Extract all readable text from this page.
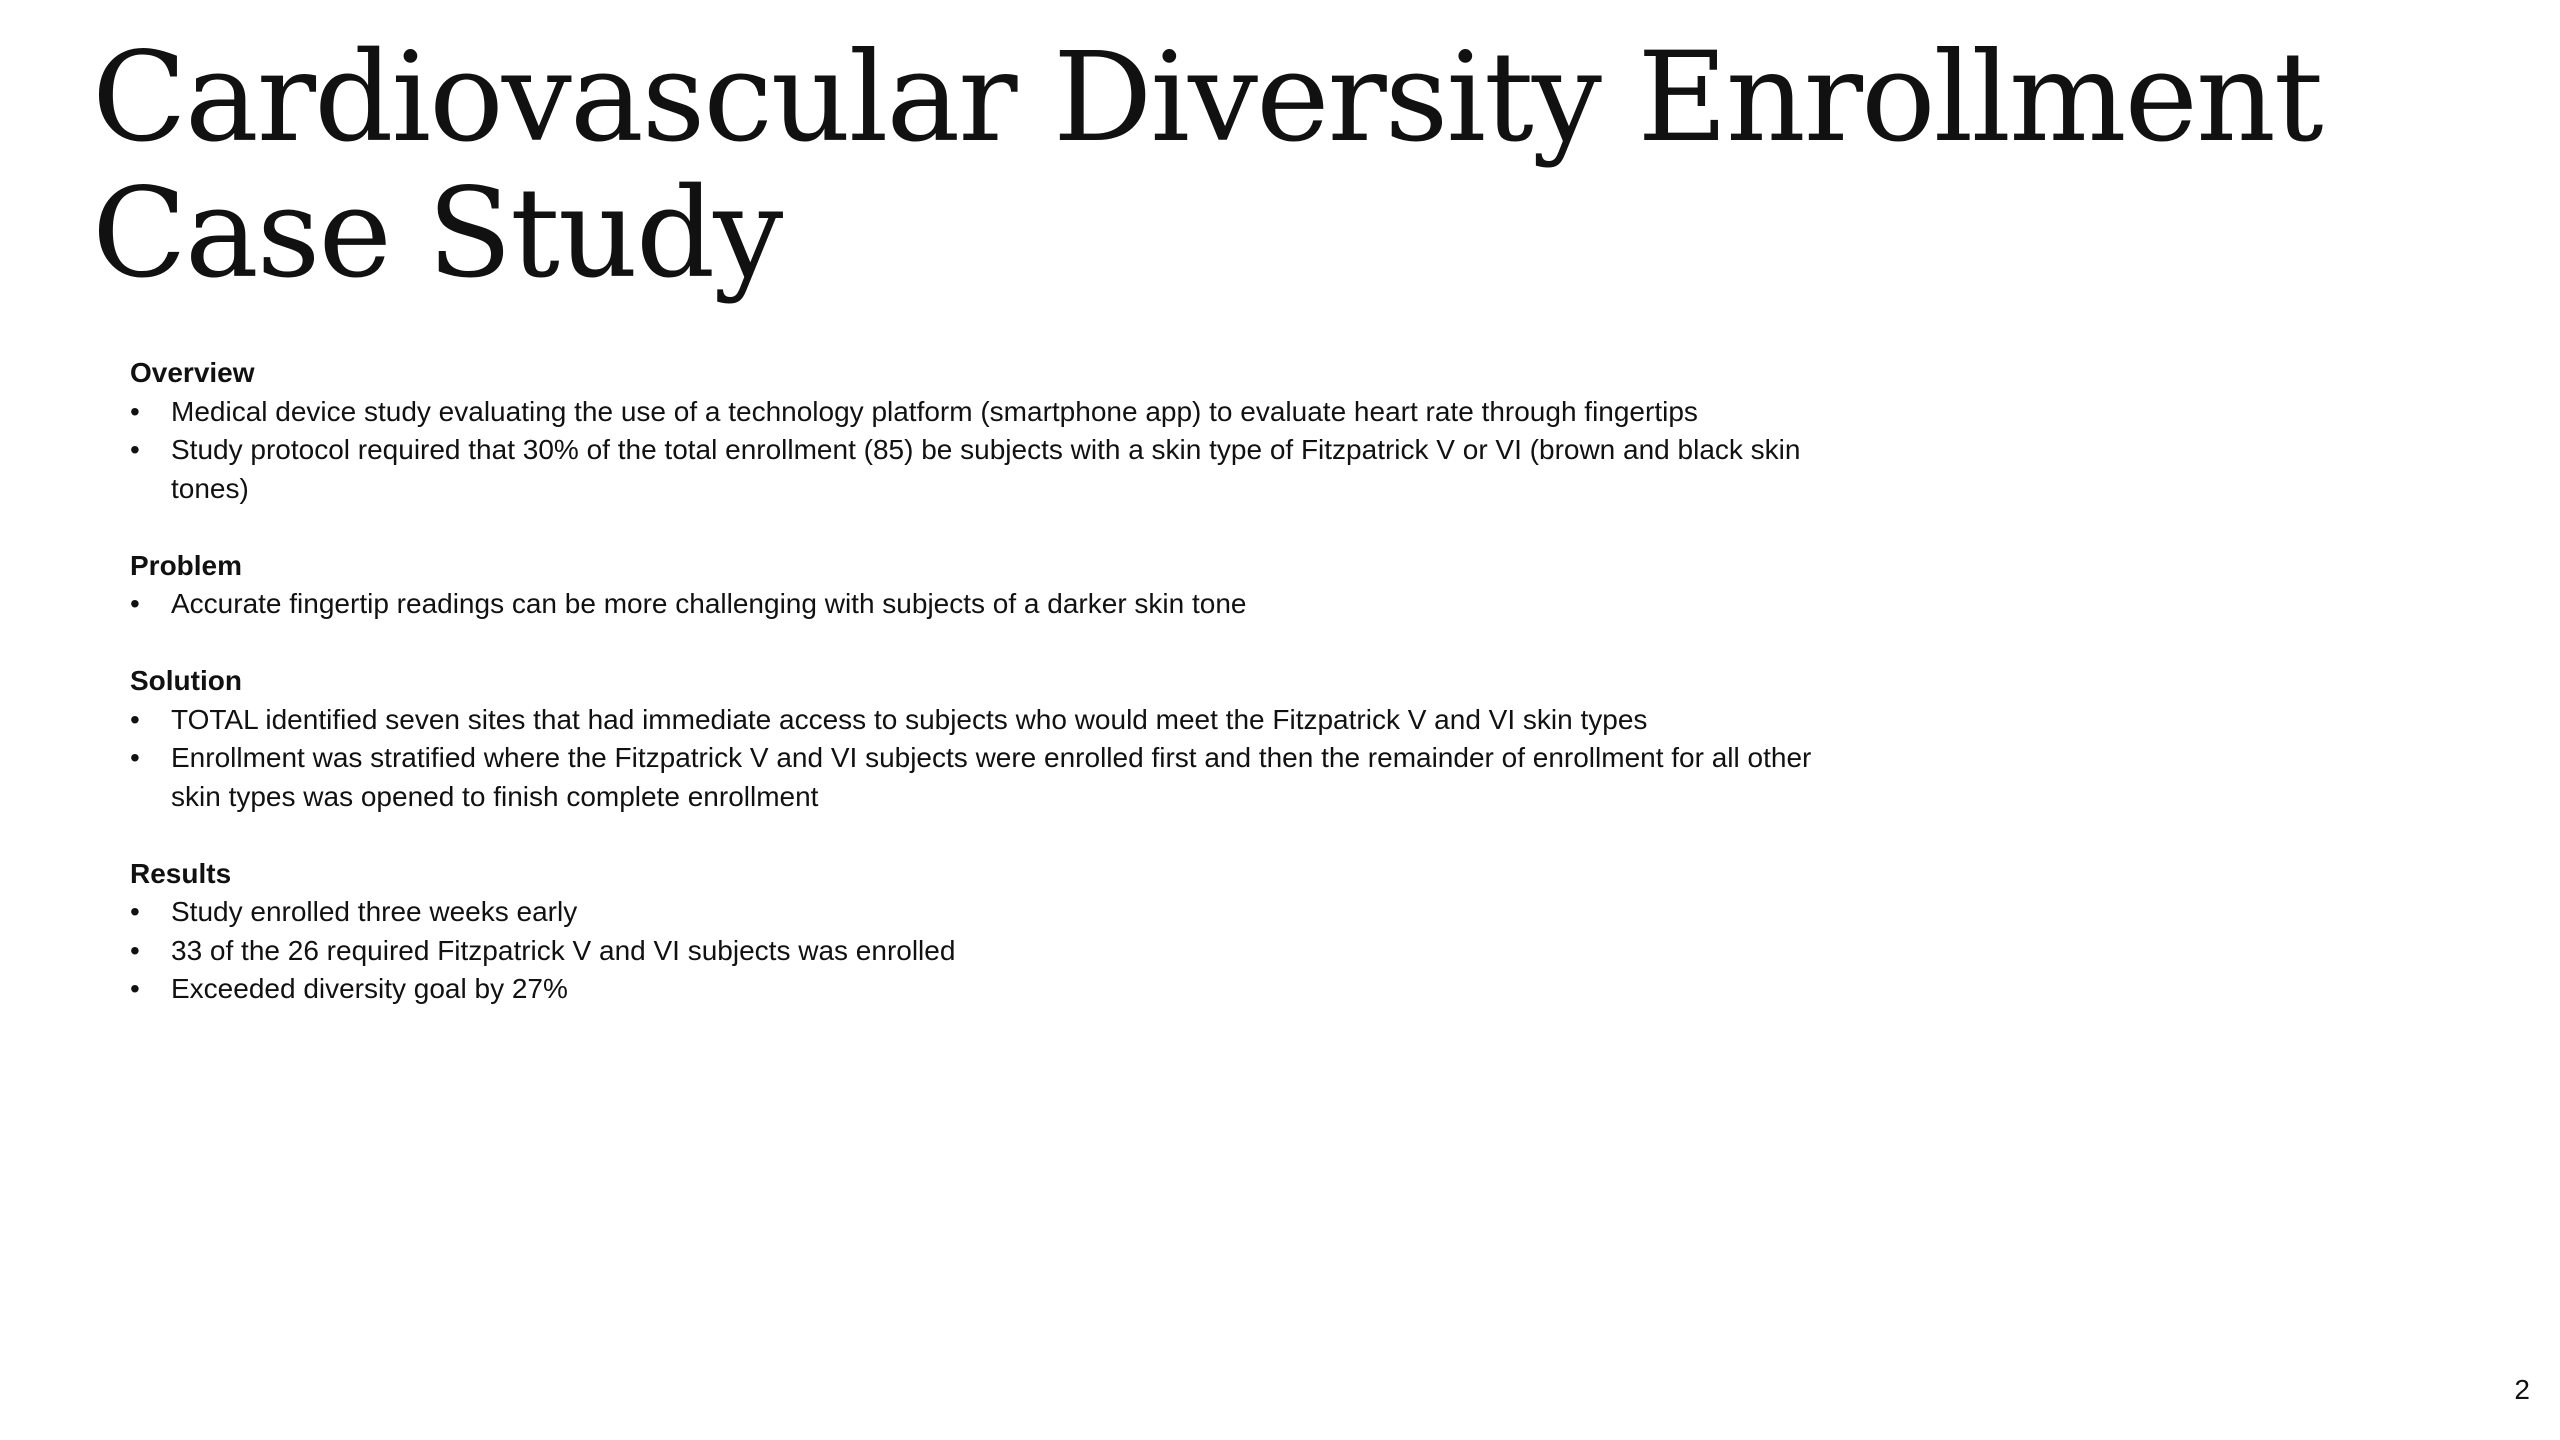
Cardiovascular Diversity Enrollment
Case Study
Overview
•	Medical device study evaluating the use of a technology platform (smartphone app) to evaluate heart rate through fingertips
•	Study protocol required that 30% of the total enrollment (85) be subjects with a skin type of Fitzpatrick V or VI (brown and black skin tones)
Problem
•	Accurate fingertip readings can be more challenging with subjects of a darker skin tone
Solution
•	TOTAL identified seven sites that had immediate access to subjects who would meet the Fitzpatrick V and VI skin types
•	Enrollment was stratified where the Fitzpatrick V and VI subjects were enrolled first and then the remainder of enrollment for all other skin types was opened to finish complete enrollment
Results
•	Study enrolled three weeks early
•	33 of the 26 required Fitzpatrick V and VI subjects was enrolled
•	Exceeded diversity goal by 27%
2
